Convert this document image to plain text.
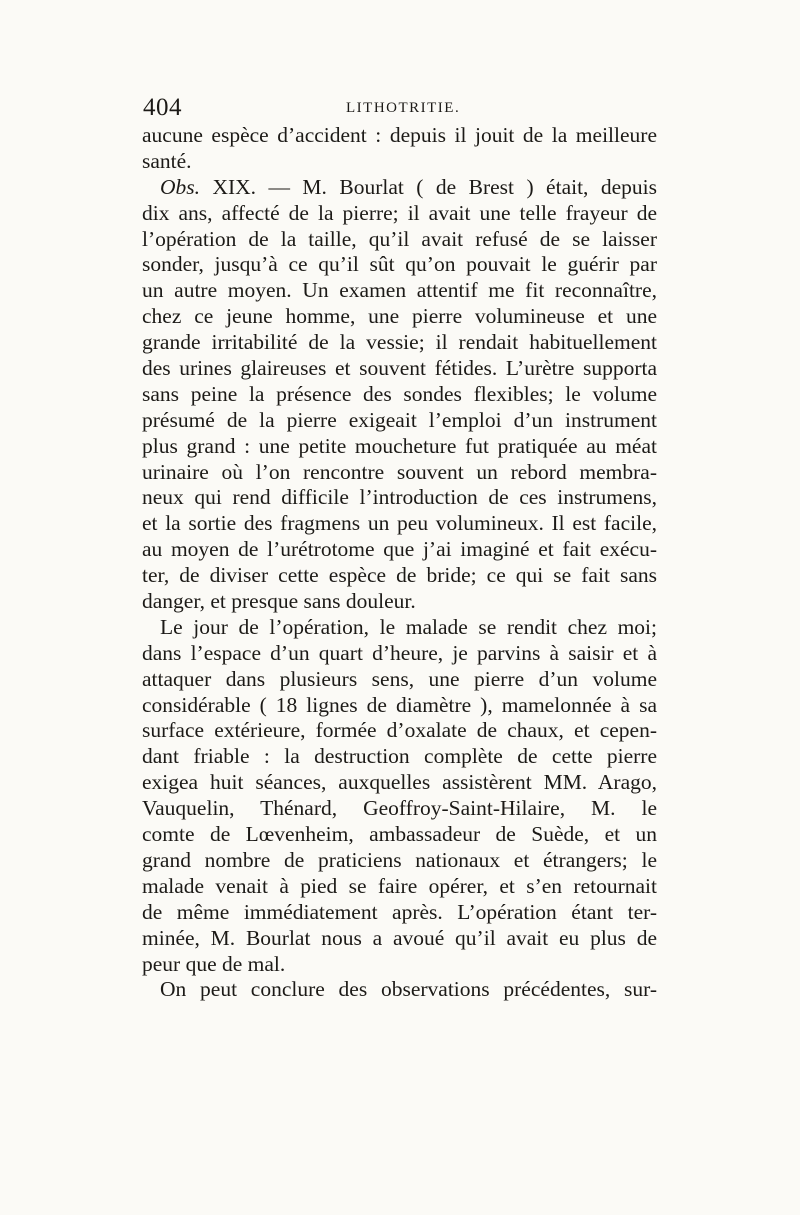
404	LITHOTRITIE.
aucune espèce d’accident : depuis il jouit de la meilleure
santé.
Obs. XIX. — M. Bourlat ( de Brest ) était, depuis
dix ans, affecté de la pierre; il avait une telle frayeur de
l’opération de la taille, qu’il avait refusé de se laisser
sonder, jusqu’à ce qu’il sût qu’on pouvait le guérir par
un autre moyen. Un examen attentif me fit reconnaître,
chez ce jeune homme, une pierre volumineuse et une
grande irritabilité de la vessie; il rendait habituellement
des urines glaireuses et souvent fétides. L’urètre supporta
sans peine la présence des sondes flexibles; le volume
présumé de la pierre exigeait l’emploi d’un instrument
plus grand : une petite moucheture fut pratiquée au méat
urinaire où l’on rencontre souvent un rebord membra-
neux qui rend difficile l’introduction de ces instrumens,
et la sortie des fragmens un peu volumineux. Il est facile,
au moyen de l’urétrotome que j’ai imaginé et fait exécu-
ter, de diviser cette espèce de bride; ce qui se fait sans
danger, et presque sans douleur.
Le jour de l’opération, le malade se rendit chez moi;
dans l’espace d’un quart d’heure, je parvins à saisir et à
attaquer dans plusieurs sens, une pierre d’un volume
considérable ( 18 lignes de diamètre ), mamelonnée à sa
surface extérieure, formée d’oxalate de chaux, et cepen-
dant friable : la destruction complète de cette pierre
exigea huit séances, auxquelles assistèrent MM. Arago,
Vauquelin, Thénard, Geoffroy-Saint-Hilaire, M. le
comte de Lœvenheim, ambassadeur de Suède, et un
grand nombre de praticiens nationaux et étrangers; le
malade venait à pied se faire opérer, et s’en retournait
de même immédiatement après. L’opération étant ter-
minée, M. Bourlat nous a avoué qu’il avait eu plus de
peur que de mal.
On peut conclure des observations précédentes, sur-
